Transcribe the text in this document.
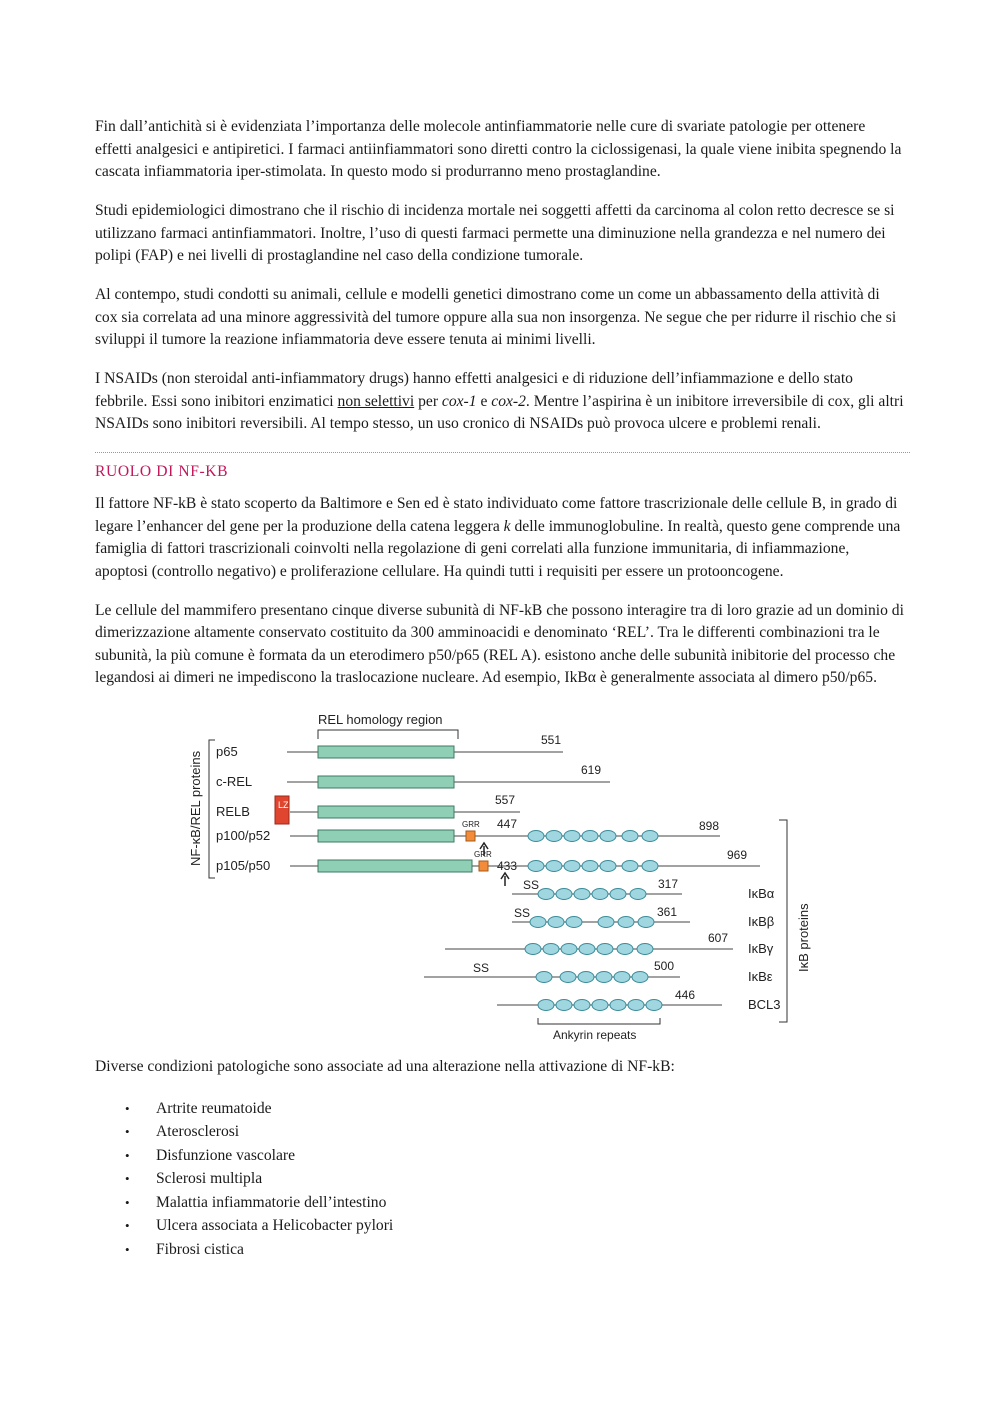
Fin dall’antichità si è evidenziata l’importanza delle molecole antinfiammatorie nelle cure di svariate patologie per ottenere effetti analgesici e antipiretici. I farmaci antiinfiammatori sono diretti contro la ciclossigenasi, la quale viene inibita spegnendo la cascata infiammatoria iper-stimolata. In questo modo si produrranno meno prostaglandine.

Studi epidemiologici dimostrano che il rischio di incidenza mortale nei soggetti affetti da carcinoma al colon retto decresce se si utilizzano farmaci antinfiammatori. Inoltre, l’uso di questi farmaci permette una diminuzione nella grandezza e nel numero dei polipi (FAP) e nei livelli di prostaglandine nel caso della condizione tumorale.

Al contempo, studi condotti su animali, cellule e modelli genetici dimostrano come un come un abbassamento della attività di cox sia correlata ad una minore aggressività del tumore oppure alla sua non insorgenza. Ne segue che per ridurre il rischio che si sviluppi il tumore la reazione infiammatoria deve essere tenuta ai minimi livelli.

I NSAIDs (non steroidal anti-infiammatory drugs) hanno effetti analgesici e di riduzione dell’infiammazione e dello stato febbrile. Essi sono inibitori enzimatici non selettivi per cox-1 e cox-2. Mentre l’aspirina è un inibitore irreversibile di cox, gli altri NSAIDs sono inibitori reversibili. Al tempo stesso, un uso cronico di NSAIDs può provoca ulcere e problemi renali.

RUOLO DI NF-KB

Il fattore NF-kB è stato scoperto da Baltimore e Sen ed è stato individuato come fattore trascrizionale delle cellule B, in grado di legare l’enhancer del gene per la produzione della catena leggera k delle immunoglobuline. In realtà, questo gene comprende una famiglia di fattori trascrizionali coinvolti nella regolazione di geni correlati alla funzione immunitaria, di infiammazione, apoptosi (controllo negativo) e proliferazione cellulare. Ha quindi tutti i requisiti per essere un protooncogene.

Le cellule del mammifero presentano cinque diverse subunità di NF-kB che possono interagire tra di loro grazie ad un dominio di dimerizzazione altamente conservato costituito da 300 amminoacidi e denominato ‘REL’. Tra le differenti combinazioni tra le subunità, la più comune è formata da un eterodimero p50/p65 (REL A). esistono anche delle subunità inibitorie del processo che legandosi ai dimeri ne impediscono la traslocazione nucleare. Ad esempio, IkBα è generalmente associata al dimero p50/p65.

REL homology region
NF-κB/REL proteins p65
551
c-REL
619
RELB	LZ	557
p100/p52
GRR 447	898
p105/p50
GRR
433
969
IκBα
SS	317
IκBβ
SS	361
IκBγ
607
IκBε
SS	500
BCL3
446
Ankyrin repeats
IκB proteins

Diverse condizioni patologiche sono associate ad una alterazione nella attivazione di NF-kB:

• Artrite reumatoide
• Aterosclerosi
• Disfunzione vascolare
• Sclerosi multipla
• Malattia infiammatorie dell’intestino
• Ulcera associata a Helicobacter pylori
• Fibrosi cistica
